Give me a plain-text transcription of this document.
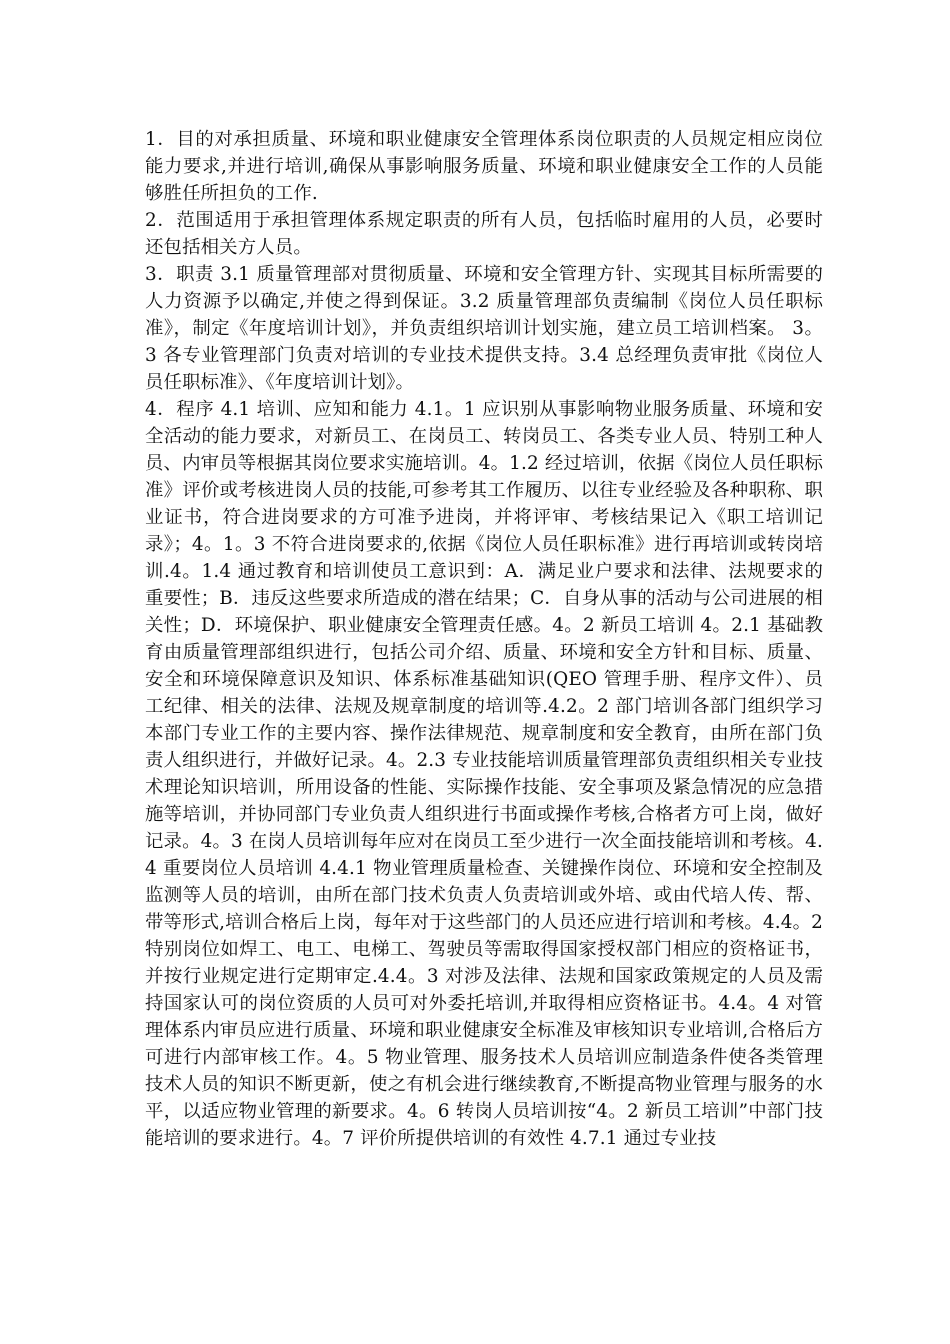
1．目的对承担质量、环境和职业健康安全管理体系岗位职责的人员规定相应岗位能力要求,并进行培训,确保从事影响服务质量、环境和职业健康安全工作的人员能够胜任所担负的工作.

2．范围适用于承担管理体系规定职责的所有人员，包括临时雇用的人员，必要时还包括相关方人员。

3．职责 3.1 质量管理部对贯彻质量、环境和安全管理方针、实现其目标所需要的人力资源予以确定,并使之得到保证。3.2 质量管理部负责编制《岗位人员任职标准》，制定《年度培训计划》，并负责组织培训计划实施，建立员工培训档案。 3。3 各专业管理部门负责对培训的专业技术提供支持。3.4 总经理负责审批《岗位人员任职标准》、《年度培训计划》。

4．程序 4.1 培训、应知和能力 4.1。1 应识别从事影响物业服务质量、环境和安全活动的能力要求，对新员工、在岗员工、转岗员工、各类专业人员、特别工种人员、内审员等根据其岗位要求实施培训。4。1.2 经过培训，依据《岗位人员任职标准》评价或考核进岗人员的技能,可参考其工作履历、以往专业经验及各种职称、职业证书，符合进岗要求的方可准予进岗，并将评审、考核结果记入《职工培训记录》；4。1。3 不符合进岗要求的,依据《岗位人员任职标准》进行再培训或转岗培训.4。1.4 通过教育和培训使员工意识到：A．满足业户要求和法律、法规要求的重要性；B．违反这些要求所造成的潜在结果；C．自身从事的活动与公司进展的相关性；D．环境保护、职业健康安全管理责任感。4。2 新员工培训 4。2.1 基础教育由质量管理部组织进行，包括公司介绍、质量、环境和安全方针和目标、质量、安全和环境保障意识及知识、体系标准基础知识(QEO 管理手册、程序文件）、员工纪律、相关的法律、法规及规章制度的培训等.4.2。2 部门培训各部门组织学习本部门专业工作的主要内容、操作法律规范、规章制度和安全教育，由所在部门负责人组织进行，并做好记录。4。2.3 专业技能培训质量管理部负责组织相关专业技术理论知识培训，所用设备的性能、实际操作技能、安全事项及紧急情况的应急措施等培训，并协同部门专业负责人组织进行书面或操作考核,合格者方可上岗，做好记录。4。3 在岗人员培训每年应对在岗员工至少进行一次全面技能培训和考核。4.4 重要岗位人员培训 4.4.1 物业管理质量检查、关键操作岗位、环境和安全控制及监测等人员的培训，由所在部门技术负责人负责培训或外培、或由代培人传、帮、带等形式,培训合格后上岗，每年对于这些部门的人员还应进行培训和考核。4.4。2 特别岗位如焊工、电工、电梯工、驾驶员等需取得国家授权部门相应的资格证书，并按行业规定进行定期审定.4.4。3 对涉及法律、法规和国家政策规定的人员及需持国家认可的岗位资质的人员可对外委托培训,并取得相应资格证书。4.4。4 对管理体系内审员应进行质量、环境和职业健康安全标准及审核知识专业培训,合格后方可进行内部审核工作。4。5 物业管理、服务技术人员培训应制造条件使各类管理技术人员的知识不断更新，使之有机会进行继续教育,不断提高物业管理与服务的水平，以适应物业管理的新要求。4。6 转岗人员培训按“4。2 新员工培训”中部门技能培训的要求进行。4。7 评价所提供培训的有效性 4.7.1 通过专业技
